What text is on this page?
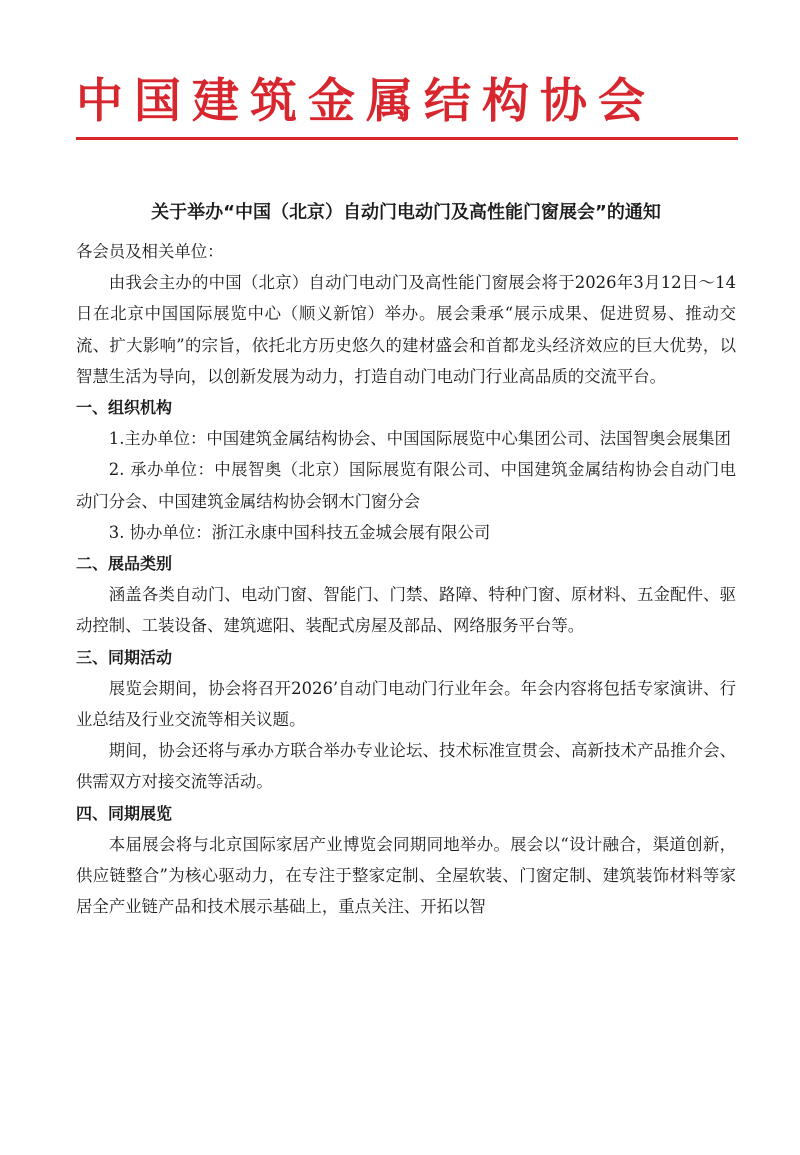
中国建筑金属结构协会
关于举办“中国（北京）自动门电动门及高性能门窗展会”的通知

各会员及相关单位：

由我会主办的中国（北京）自动门电动门及高性能门窗展会将于2026年3月12日～14日在北京中国国际展览中心（顺义新馆）举办。展会秉承“展示成果、促进贸易、推动交流、扩大影响”的宗旨，依托北方历史悠久的建材盛会和首都龙头经济效应的巨大优势，以智慧生活为导向，以创新发展为动力，打造自动门电动门行业高品质的交流平台。

一、组织机构

1.主办单位：中国建筑金属结构协会、中国国际展览中心集团公司、法国智奥会展集团

2. 承办单位：中展智奥（北京）国际展览有限公司、中国建筑金属结构协会自动门电动门分会、中国建筑金属结构协会钢木门窗分会

3. 协办单位：浙江永康中国科技五金城会展有限公司

二、展品类别

涵盖各类自动门、电动门窗、智能门、门禁、路障、特种门窗、原材料、五金配件、驱动控制、工装设备、建筑遮阳、装配式房屋及部品、网络服务平台等。

三、同期活动

展览会期间，协会将召开2026’自动门电动门行业年会。年会内容将包括专家演讲、行业总结及行业交流等相关议题。

期间，协会还将与承办方联合举办专业论坛、技术标准宣贯会、高新技术产品推介会、供需双方对接交流等活动。

四、同期展览

本届展会将与北京国际家居产业博览会同期同地举办。展会以“设计融合，渠道创新，供应链整合”为核心驱动力，在专注于整家定制、全屋软装、门窗定制、建筑装饰材料等家居全产业链产品和技术展示基础上，重点关注、开拓以智
